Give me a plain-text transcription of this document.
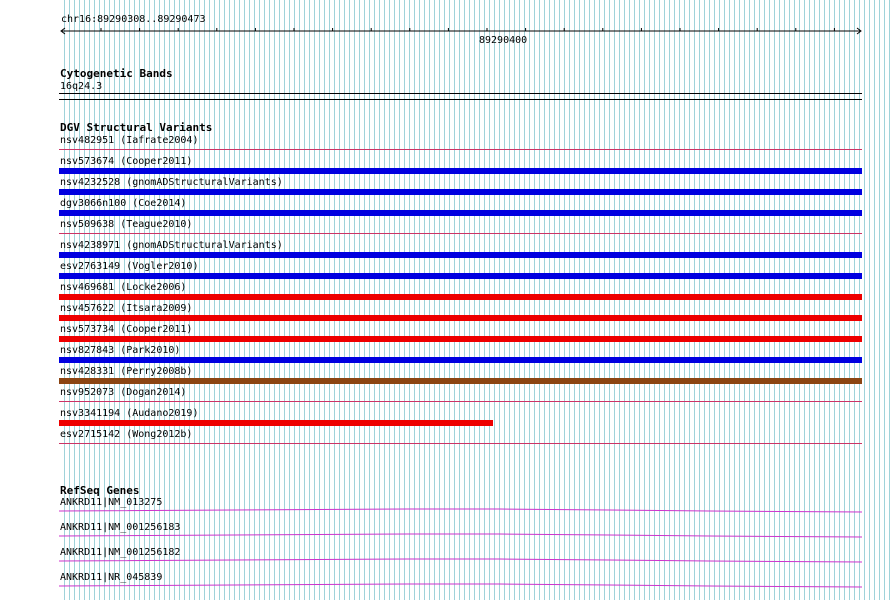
chr16:89290308..89290473
89290400
Cytogenetic Bands
16q24.3
DGV Structural Variants
nsv482951 (Iafrate2004)
nsv573674 (Cooper2011)
nsv4232528 (gnomADStructuralVariants)
dgv3066n100 (Coe2014)
nsv509638 (Teague2010)
nsv4238971 (gnomADStructuralVariants)
esv2763149 (Vogler2010)
nsv469681 (Locke2006)
nsv457622 (Itsara2009)
nsv573734 (Cooper2011)
nsv827843 (Park2010)
nsv428331 (Perry2008b)
nsv952073 (Dogan2014)
nsv3341194 (Audano2019)
esv2715142 (Wong2012b)
RefSeq Genes
ANKRD11|NM_013275
ANKRD11|NM_001256183
ANKRD11|NM_001256182
ANKRD11|NR_045839
